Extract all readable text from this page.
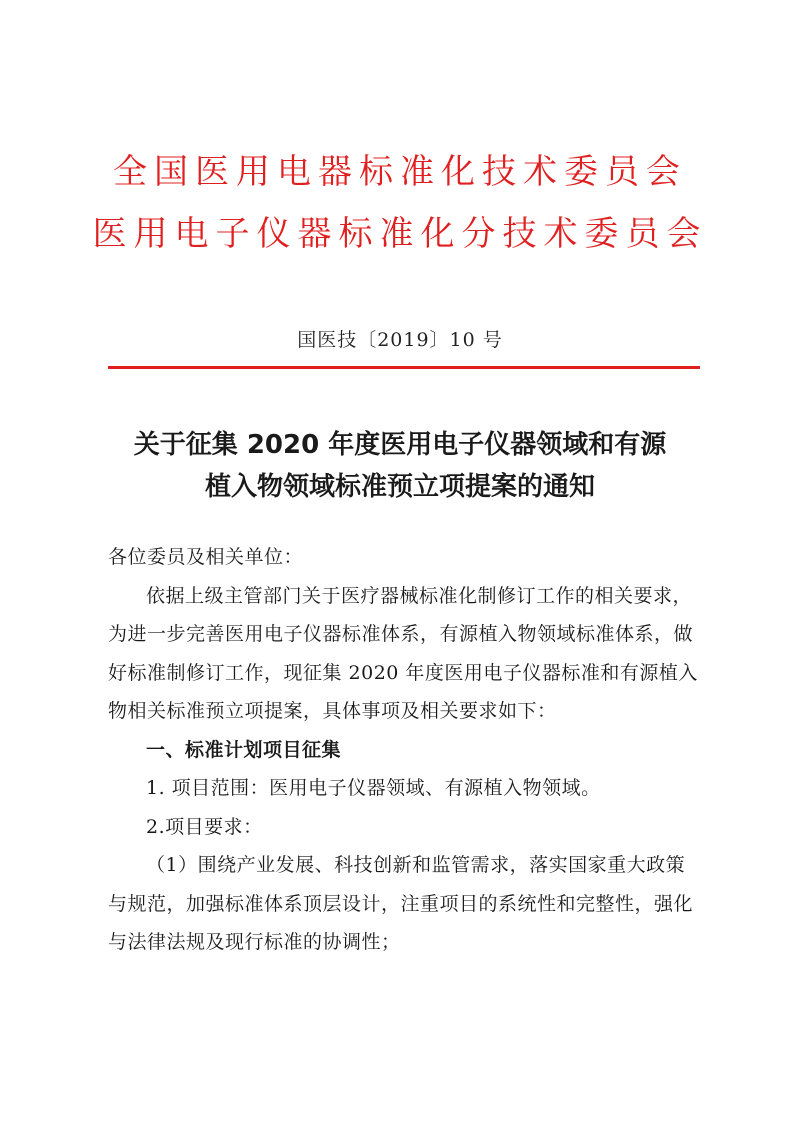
全国医用电器标准化技术委员会
医用电子仪器标准化分技术委员会
国医技〔2019〕10 号
关于征集 2020 年度医用电子仪器领域和有源
植入物领域标准预立项提案的通知

各位委员及相关单位：

依据上级主管部门关于医疗器械标准化制修订工作的相关要求，为进一步完善医用电子仪器标准体系，有源植入物领域标准体系，做好标准制修订工作，现征集 2020 年度医用电子仪器标准和有源植入物相关标准预立项提案，具体事项及相关要求如下：

一、标准计划项目征集

1. 项目范围：医用电子仪器领域、有源植入物领域。

2.项目要求：

（1）围绕产业发展、科技创新和监管需求，落实国家重大政策与规范，加强标准体系顶层设计，注重项目的系统性和完整性，强化与法律法规及现行标准的协调性；
